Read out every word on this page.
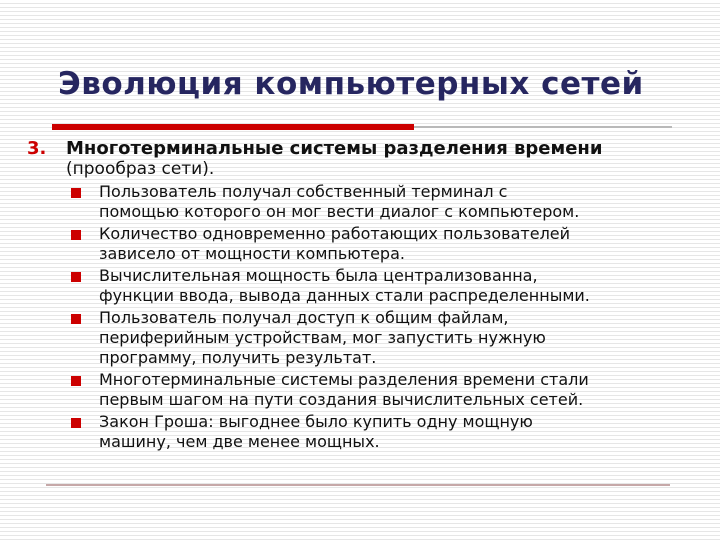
Эволюция компьютерных сетей
3. Многотерминальные системы разделения времени
(прообраз сети).
Пользователь получал собственный терминал с
помощью которого он мог вести диалог с компьютером.
Количество одновременно работающих пользователей
зависело от мощности компьютера.
Вычислительная мощность была централизованна,
функции ввода, вывода данных стали распределенными.
Пользователь получал доступ к общим файлам,
периферийным устройствам, мог запустить нужную
программу, получить результат.
Многотерминальные системы разделения времени стали
первым шагом на пути создания вычислительных сетей.
Закон Гроша: выгоднее было купить одну мощную
машину, чем две менее мощных.
